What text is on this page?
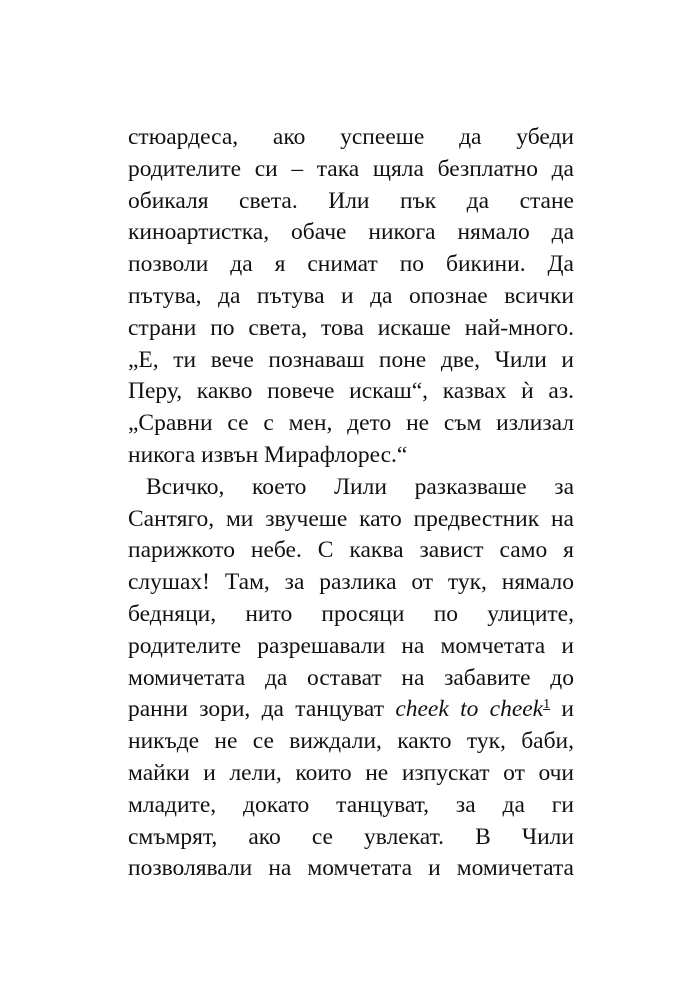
стюардеса, ако успееше да убеди
родителите си – така щяла безплатно да
обикаля света. Или пък да стане
киноартистка, обаче никога нямало да
позволи да я снимат по бикини. Да
пътува, да пътува и да опознае всички
страни по света, това искаше най-много.
„Е, ти вече познаваш поне две, Чили и
Перу, какво повече искаш“, казвах ѝ аз.
„Сравни се с мен, дето не съм излизал
никога извън Мирафлорес.“
Всичко, което Лили разказваше за
Сантяго, ми звучеше като предвестник на
парижкото небе. С каква завист само я
слушах! Там, за разлика от тук, нямало
бедняци, нито просяци по улиците,
родителите разрешавали на момчетата и
момичетата да остават на забавите до
ранни зори, да танцуват cheek to cheek$^1$ и
никъде не се виждали, както тук, баби,
майки и лели, които не изпускат от очи
младите, докато танцуват, за да ги
смъмрят, ако се увлекат. В Чили
позволявали на момчетата и момичетата
